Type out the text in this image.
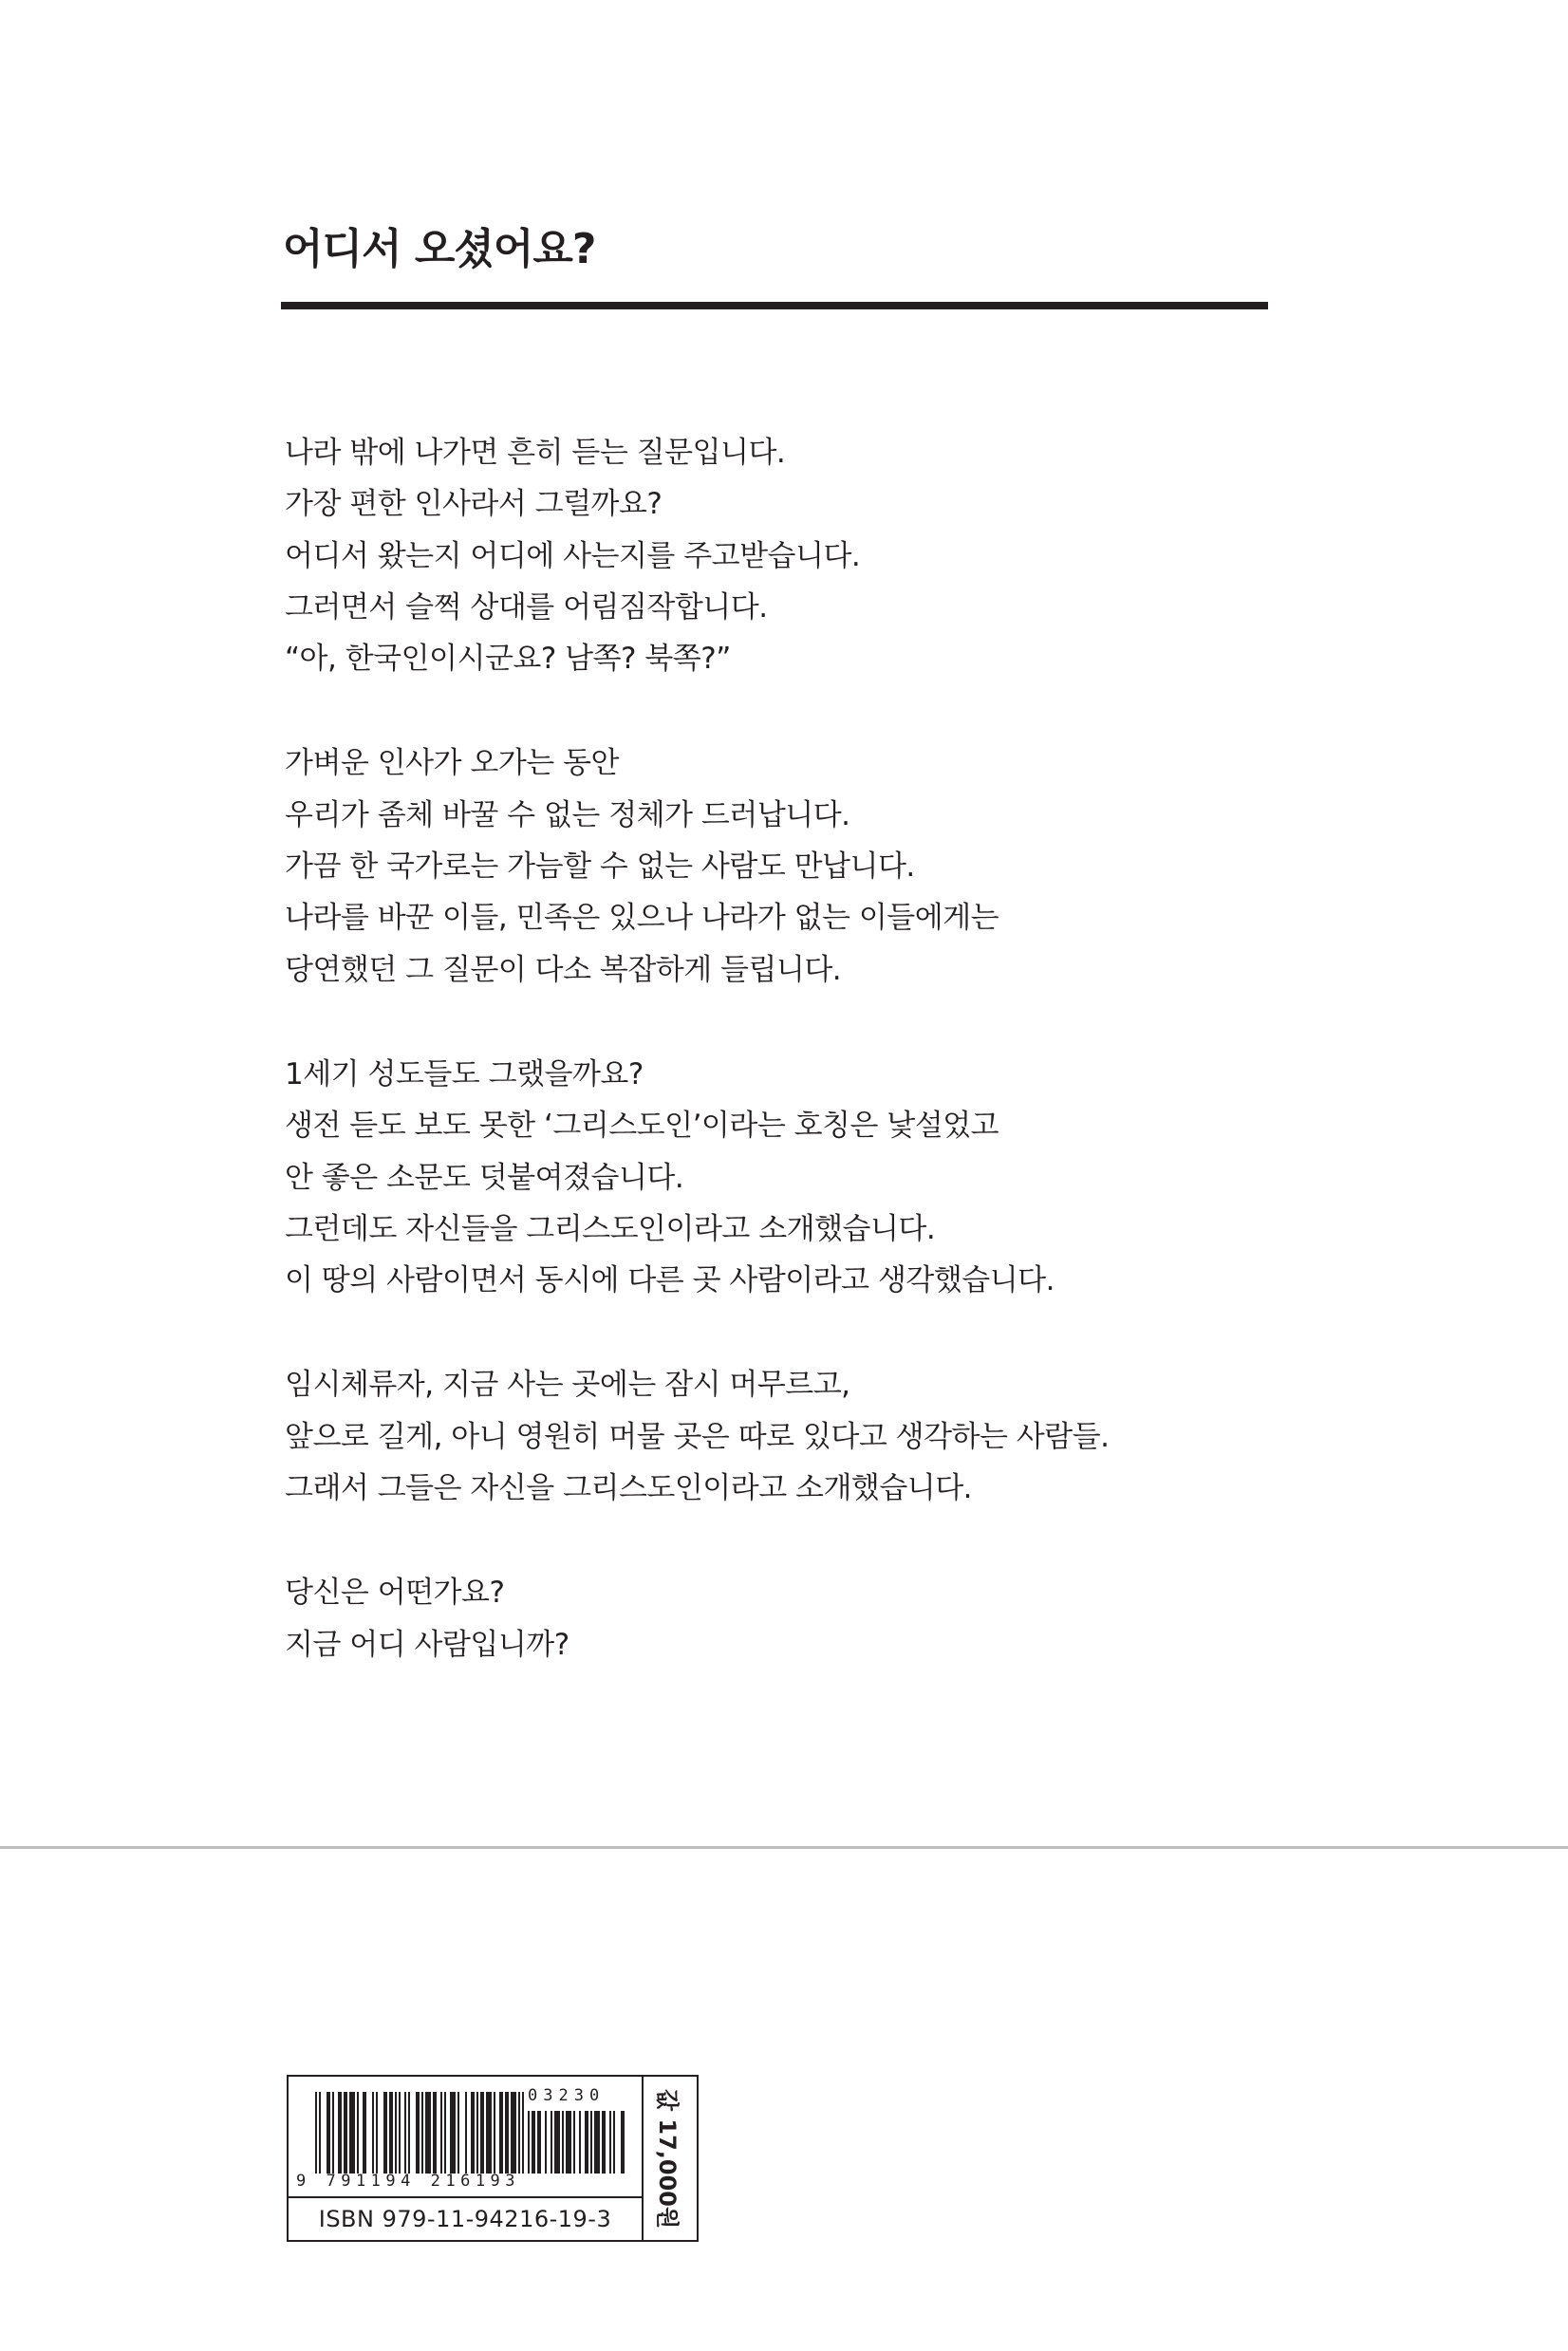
어디서 오셨어요?
나라 밖에 나가면 흔히 듣는 질문입니다.
가장 편한 인사라서 그럴까요?
어디서 왔는지 어디에 사는지를 주고받습니다.
그러면서 슬쩍 상대를 어림짐작합니다.
“아, 한국인이시군요? 남쪽? 북쪽?”
가벼운 인사가 오가는 동안
우리가 좀체 바꿀 수 없는 정체가 드러납니다.
가끔 한 국가로는 가늠할 수 없는 사람도 만납니다.
나라를 바꾼 이들, 민족은 있으나 나라가 없는 이들에게는
당연했던 그 질문이 다소 복잡하게 들립니다.
1세기 성도들도 그랬을까요?
생전 듣도 보도 못한 ‘그리스도인’이라는 호칭은 낯설었고
안 좋은 소문도 덧붙여졌습니다.
그런데도 자신들을 그리스도인이라고 소개했습니다.
이 땅의 사람이면서 동시에 다른 곳 사람이라고 생각했습니다.
임시체류자, 지금 사는 곳에는 잠시 머무르고,
앞으로 길게, 아니 영원히 머물 곳은 따로 있다고 생각하는 사람들.
그래서 그들은 자신을 그리스도인이라고 소개했습니다.
당신은 어떤가요?
지금 어디 사람입니까?
03230
9 791194 216193
ISBN 979-11-94216-19-3	값 17,000원
